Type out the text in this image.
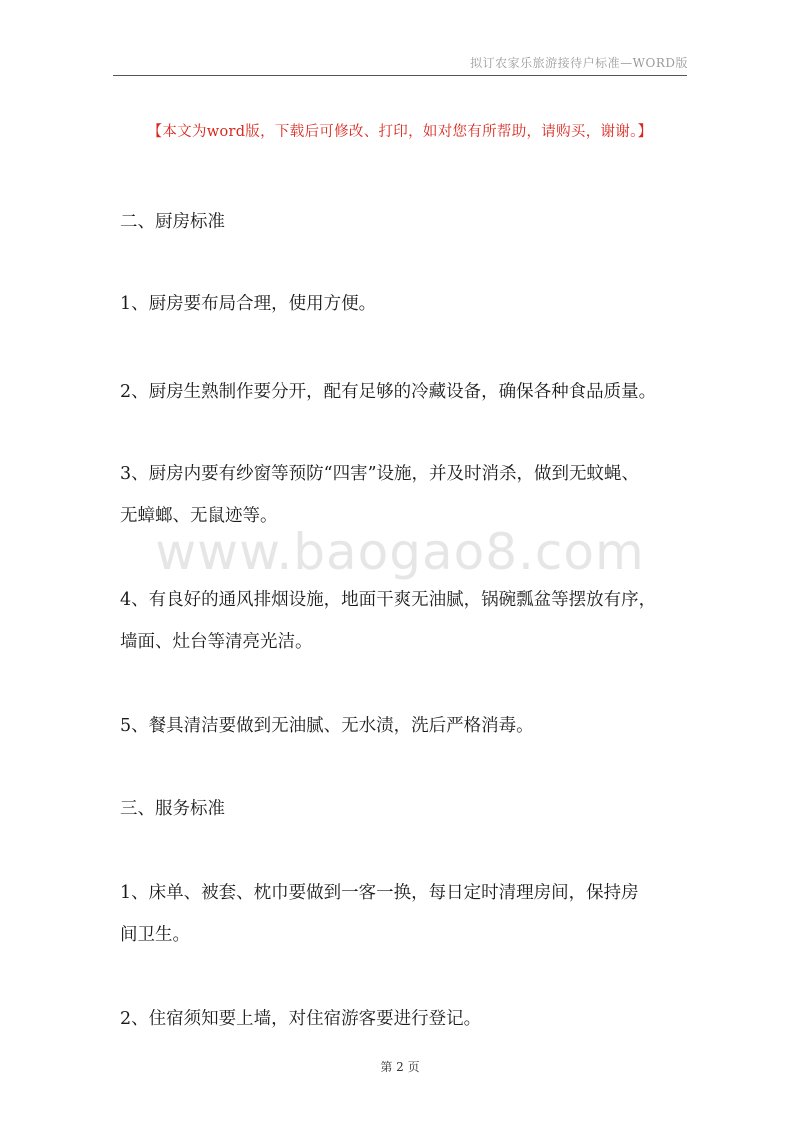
拟订农家乐旅游接待户标准—WORD版
【本文为word版，下载后可修改、打印，如对您有所帮助，请购买，谢谢。】
www.baogao8.com
二、厨房标准
1、厨房要布局合理，使用方便。
2、厨房生熟制作要分开，配有足够的冷藏设备，确保各种食品质量。
3、厨房内要有纱窗等预防“四害”设施，并及时消杀，做到无蚊蝇、
无蟑螂、无鼠迹等。
4、有良好的通风排烟设施，地面干爽无油腻，锅碗瓢盆等摆放有序，
墙面、灶台等清亮光洁。
5、餐具清洁要做到无油腻、无水渍，洗后严格消毒。
三、服务标准
1、床单、被套、枕巾要做到一客一换，每日定时清理房间，保持房
间卫生。
2、住宿须知要上墙，对住宿游客要进行登记。
第 2 页
